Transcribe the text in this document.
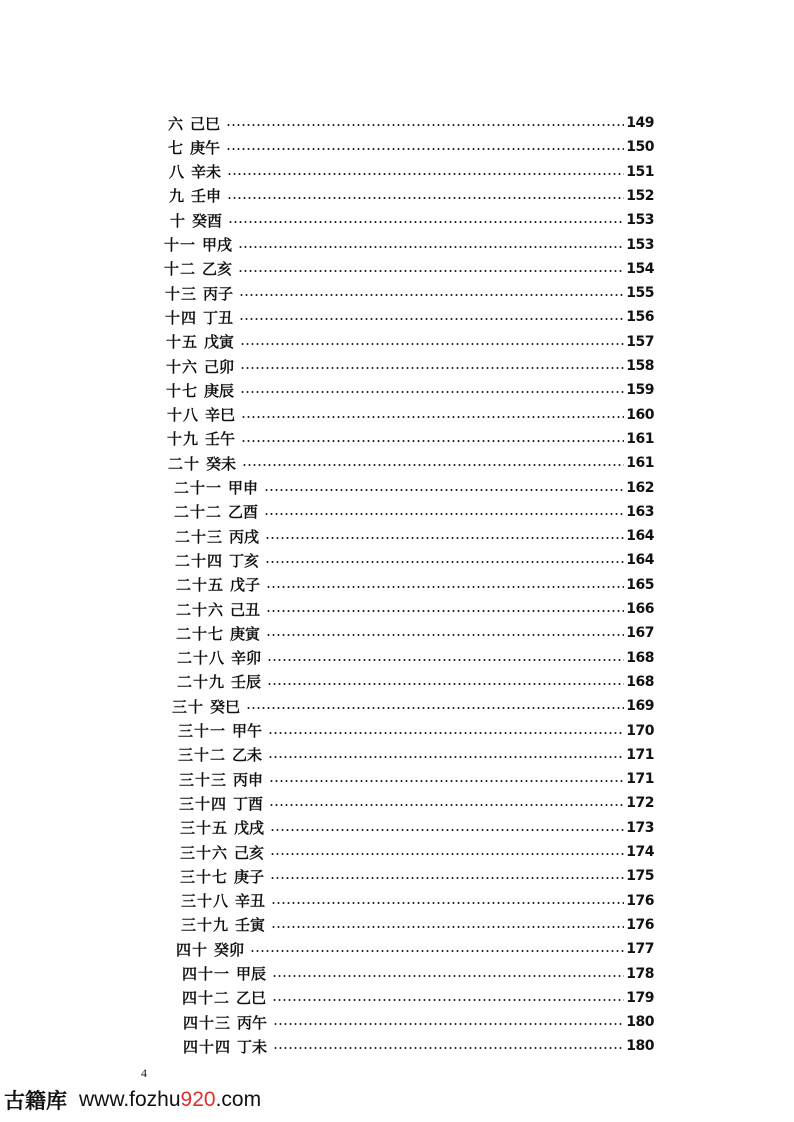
六 己巳	149
七 庚午	150
八 辛未	151
九 壬申	152
十 癸酉	153
十一 甲戌	153
十二 乙亥	154
十三 丙子	155
十四 丁丑	156
十五 戊寅	157
十六 己卯	158
十七 庚辰	159
十八 辛巳	160
十九 壬午	161
二十 癸未	161
二十一 甲申	162
二十二 乙酉	163
二十三 丙戌	164
二十四 丁亥	164
二十五 戊子	165
二十六 己丑	166
二十七 庚寅	167
二十八 辛卯	168
二十九 壬辰	168
三十 癸巳	169
三十一 甲午	170
三十二 乙未	171
三十三 丙申	171
三十四 丁酉	172
三十五 戊戌	173
三十六 己亥	174
三十七 庚子	175
三十八 辛丑	176
三十九 壬寅	176
四十 癸卯	177
四十一 甲辰	178
四十二 乙巳	179
四十三 丙午	180
四十四 丁未	180
4
古籍库 www.fozhu920.com
